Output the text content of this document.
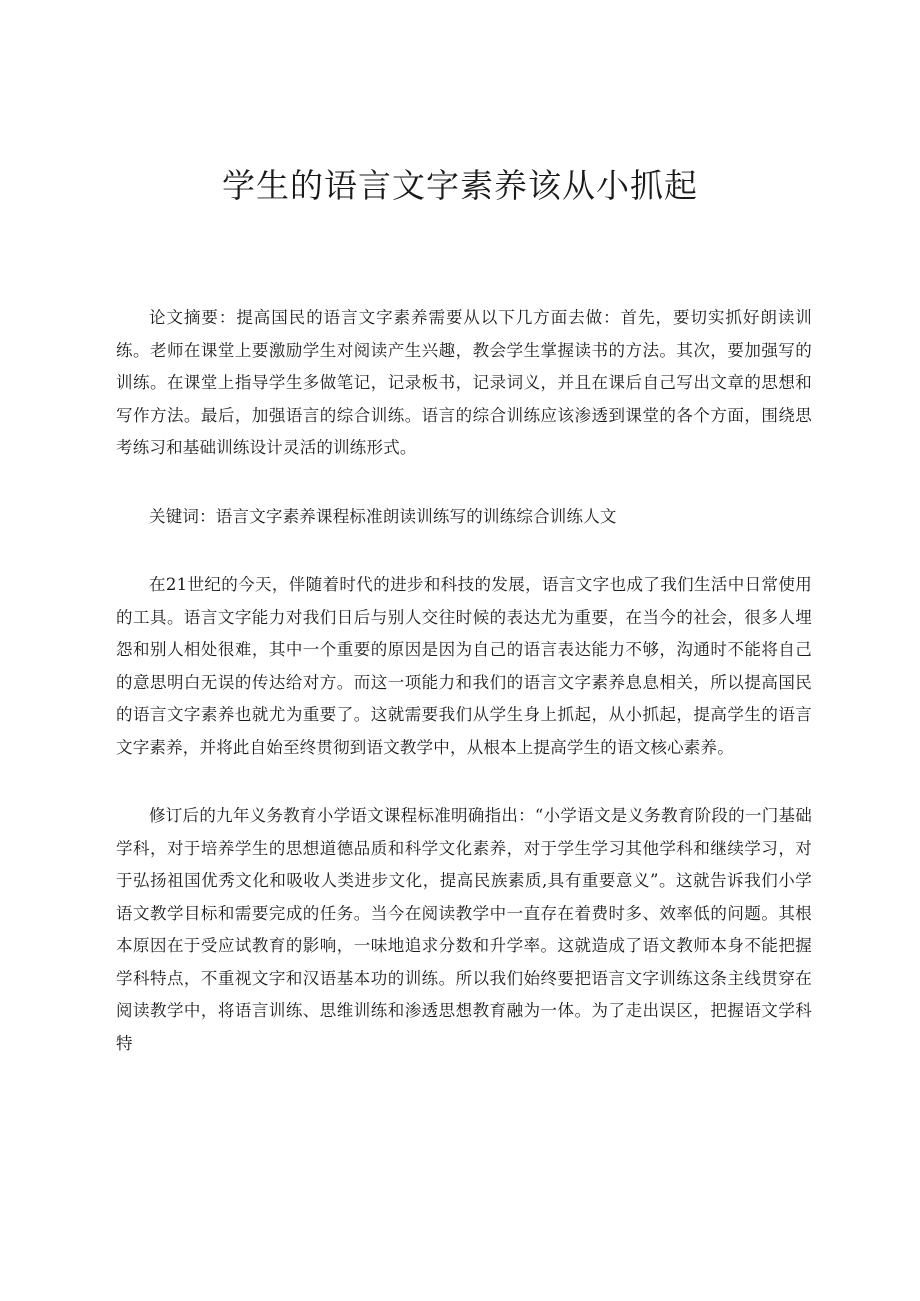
学生的语言文字素养该从小抓起

论文摘要：提高国民的语言文字素养需要从以下几方面去做：首先，要切实抓好朗读训练。老师在课堂上要激励学生对阅读产生兴趣，教会学生掌握读书的方法。其次，要加强写的训练。在课堂上指导学生多做笔记，记录板书，记录词义，并且在课后自己写出文章的思想和写作方法。最后，加强语言的综合训练。语言的综合训练应该渗透到课堂的各个方面，围绕思考练习和基础训练设计灵活的训练形式。

关键词：语言文字素养课程标准朗读训练写的训练综合训练人文

在21世纪的今天，伴随着时代的进步和科技的发展，语言文字也成了我们生活中日常使用的工具。语言文字能力对我们日后与别人交往时候的表达尤为重要，在当今的社会，很多人埋怨和别人相处很难，其中一个重要的原因是因为自己的语言表达能力不够，沟通时不能将自己的意思明白无误的传达给对方。而这一项能力和我们的语言文字素养息息相关，所以提高国民的语言文字素养也就尤为重要了。这就需要我们从学生身上抓起，从小抓起，提高学生的语言文字素养，并将此自始至终贯彻到语文教学中，从根本上提高学生的语文核心素养。

修订后的九年义务教育小学语文课程标准明确指出：“小学语文是义务教育阶段的一门基础学科，对于培养学生的思想道德品质和科学文化素养，对于学生学习其他学科和继续学习，对于弘扬祖国优秀文化和吸收人类进步文化，提高民族素质,具有重要意义”。这就告诉我们小学语文教学目标和需要完成的任务。当今在阅读教学中一直存在着费时多、效率低的问题。其根本原因在于受应试教育的影响，一味地追求分数和升学率。这就造成了语文教师本身不能把握学科特点，不重视文字和汉语基本功的训练。所以我们始终要把语言文字训练这条主线贯穿在阅读教学中，将语言训练、思维训练和渗透思想教育融为一体。为了走出误区，把握语文学科特
